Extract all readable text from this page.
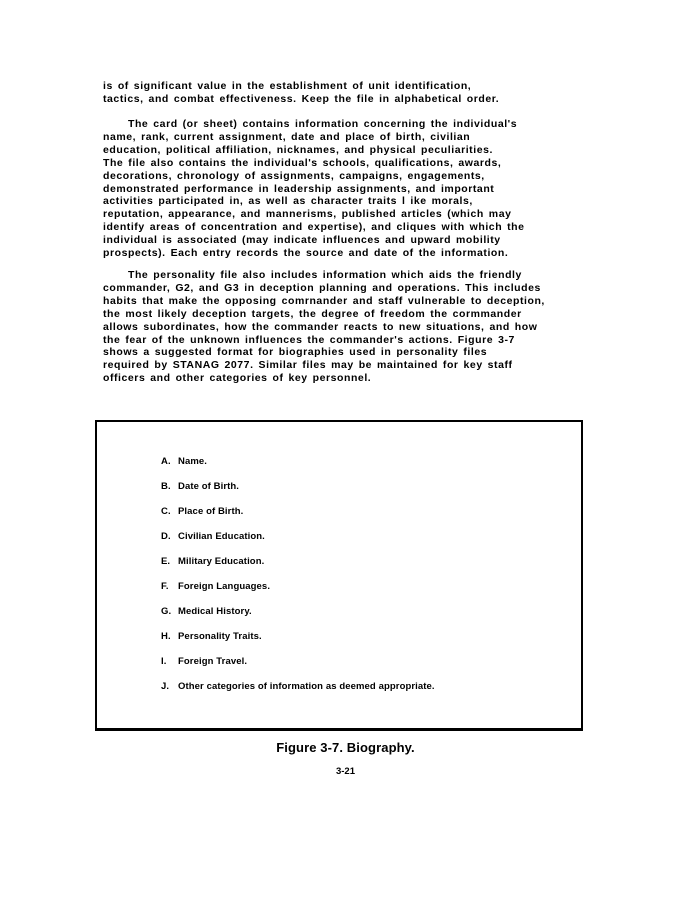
is of significant value in the establishment of unit identification,
tactics, and combat effectiveness. Keep the file in alphabetical order.

The card (or sheet) contains information concerning the individual's
name, rank, current assignment, date and place of birth, civilian
education, political affiliation, nicknames, and physical peculiarities.
The file also contains the individual's schools, qualifications, awards,
decorations, chronology of assignments, campaigns, engagements,
demonstrated performance in leadership assignments, and important
activities participated in, as well as character traits l ike morals,
reputation, appearance, and mannerisms, published articles (which may
identify areas of concentration and expertise), and cliques with which the
individual is associated (may indicate influences and upward mobility
prospects). Each entry records the source and date of the information.

The personality file also includes information which aids the friendly
commander, G2, and G3 in deception planning and operations. This includes
habits that make the opposing comrnander and staff vulnerable to deception,
the most likely deception targets, the degree of freedom the cormmander
allows subordinates, how the commander reacts to new situations, and how
the fear of the unknown influences the commander's actions. Figure 3-7
shows a suggested format for biographies used in personality files
required by STANAG 2077. Similar files may be maintained for key staff
officers and other categories of key personnel.

A. Name.
B. Date of Birth.
C. Place of Birth.
D. Civilian Education.
E. Military Education.
F. Foreign Languages.
G. Medical History.
H. Personality Traits.
I. Foreign Travel.
J. Other categories of information as deemed appropriate.

Figure 3-7. Biography.

3-21
